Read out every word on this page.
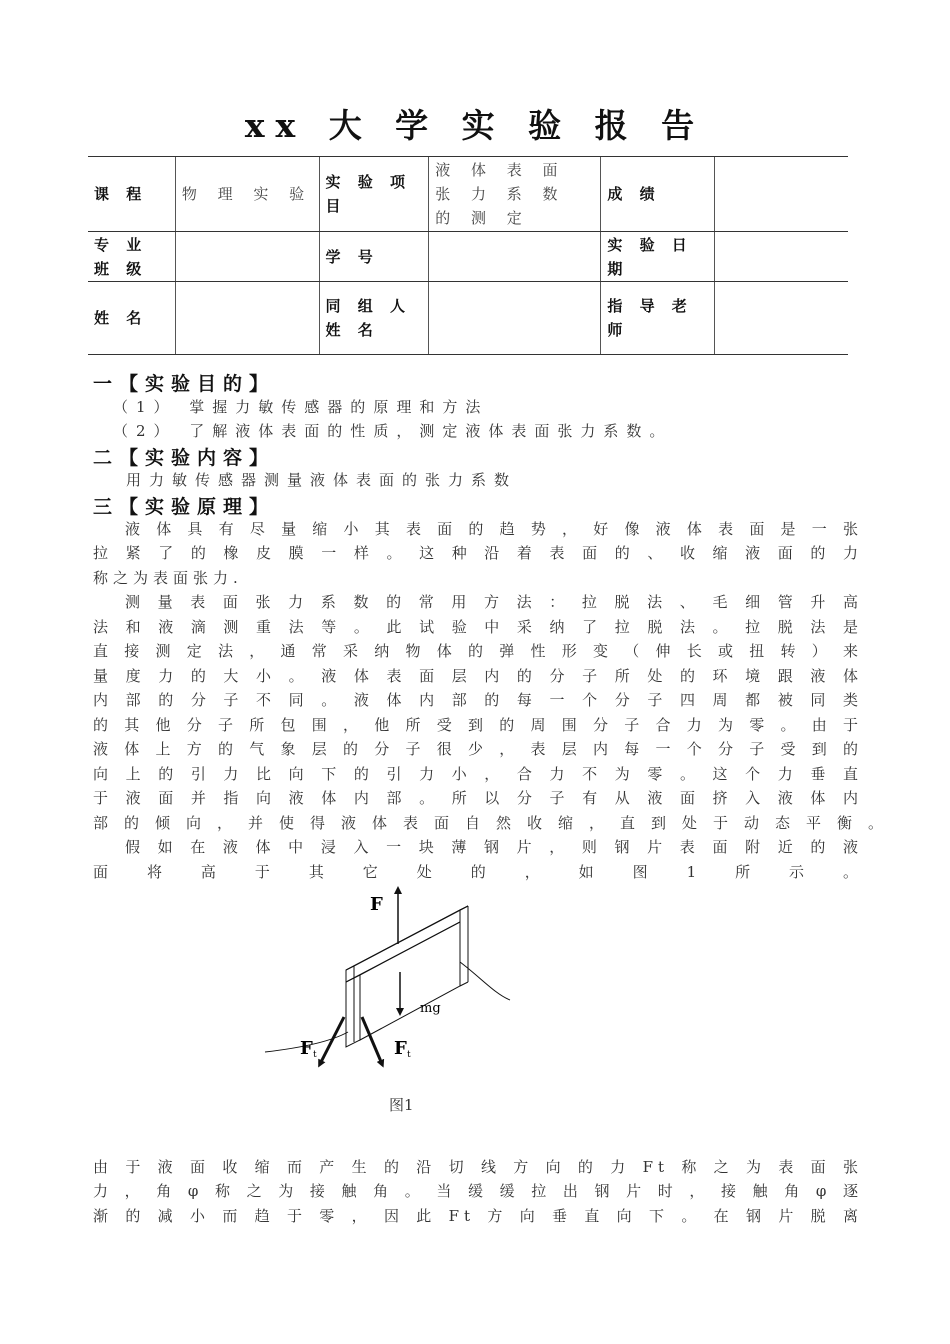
xx 大 学 实 验 报 告
课 程	物 理 实 验	实 验 项 目	液 体 表 面 张 力 系 数 的 测 定	成 绩	
专 业 班 级		学 号		实 验 日 期	
姓 名		同 组 人 姓 名		指 导 老 师	
一【实验目的】
（1） 掌握力敏传感器的原理和方法
（2） 了解液体表面的性质，测定液体表面张力系数。
二【实验内容】
用力敏传感器测量液体表面的张力系数
三【实验原理】
液体具有尽量缩小其表面的趋势，好像液体表面是一张
拉紧了的橡皮膜一样。这种沿着表面的、收缩液面的力
称之为表面张力.
测量表面张力系数的常用方法：拉脱法、毛细管升高
法和液滴测重法等。此试验中采纳了拉脱法。拉脱法是
直接测定法，通常采纳物体的弹性形变（伸长或扭转）来
量度力的大小。液体表面层内的分子所处的环境跟液体
内部的分子不同。液体内部的每一个分子四周都被同类
的其他分子所包围，他所受到的周围分子合力为零。由于
液体上方的气象层的分子很少，表层内每一个分子受到的
向上的引力比向下的引力小，合力不为零。这个力垂直
于液面并指向液体内部。所以分子有从液面挤入液体内
部的倾向，并使得液体表面自然收缩，直到处于动态平衡。
假如在液体中浸入一块薄钢片，则钢片表面附近的液
面将高于其它处的，如图1所示。
F
mg
F t	F t
图1
由于液面收缩而产生的沿切线方向的力Ft称之为表面张
力，角φ称之为接触角。当缓缓拉出钢片时，接触角φ逐
渐的减小而趋于零，因此Ft方向垂直向下。在钢片脱离
